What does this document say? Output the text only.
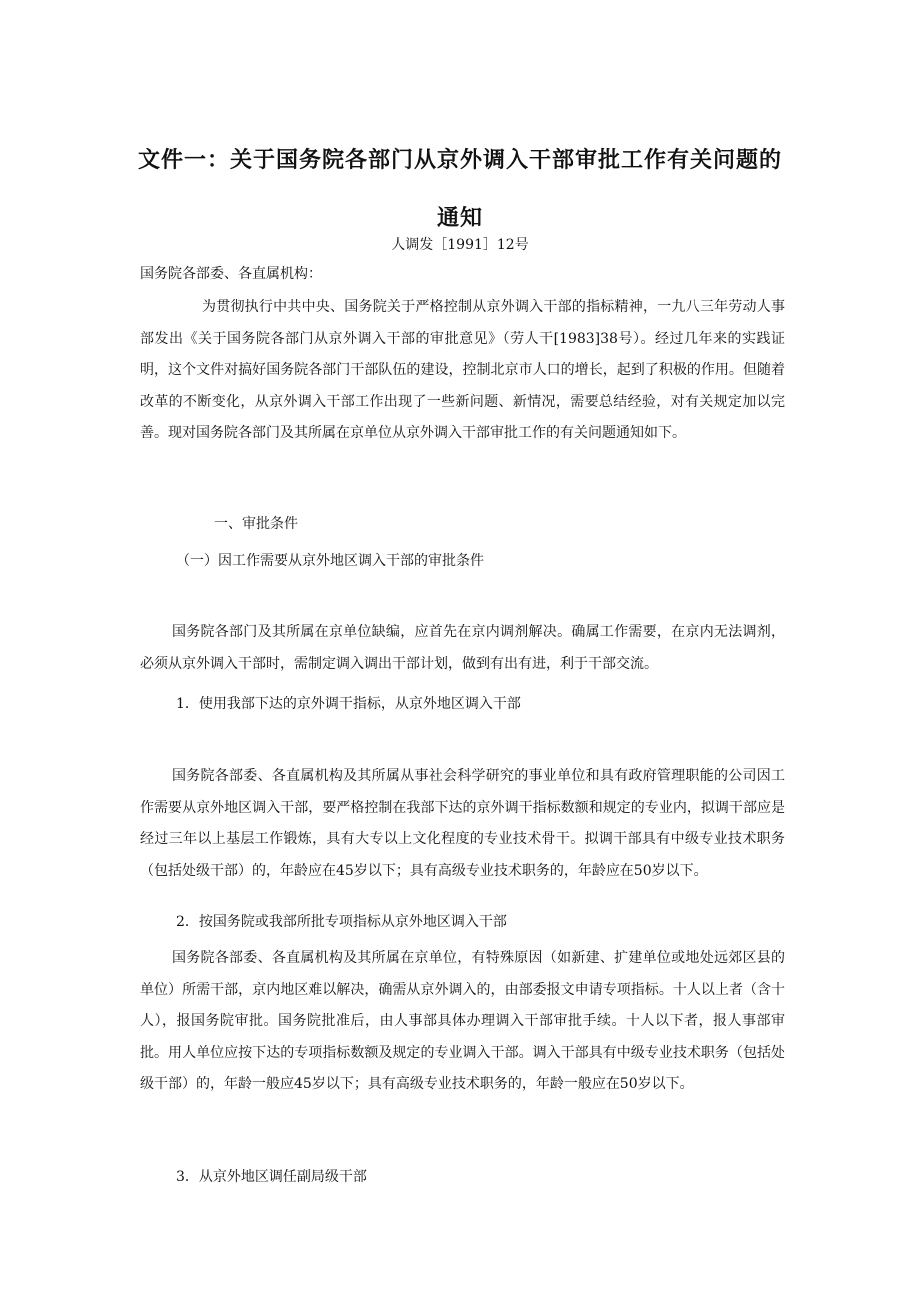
文件一：关于国务院各部门从京外调入干部审批工作有关问题的
通知

人调发［1991］12号

国务院各部委、各直属机构：

为贯彻执行中共中央、国务院关于严格控制从京外调入干部的指标精神，一九八三年劳动人事部发出《关于国务院各部门从京外调入干部的审批意见》（劳人干[1983]38号）。经过几年来的实践证明，这个文件对搞好国务院各部门干部队伍的建设，控制北京市人口的增长，起到了积极的作用。但随着改革的不断变化，从京外调入干部工作出现了一些新问题、新情况，需要总结经验，对有关规定加以完善。现对国务院各部门及其所属在京单位从京外调入干部审批工作的有关问题通知如下。

一、审批条件

（一）因工作需要从京外地区调入干部的审批条件

国务院各部门及其所属在京单位缺编，应首先在京内调剂解决。确属工作需要，在京内无法调剂，必须从京外调入干部时，需制定调入调出干部计划，做到有出有进，利于干部交流。

1．使用我部下达的京外调干指标，从京外地区调入干部

国务院各部委、各直属机构及其所属从事社会科学研究的事业单位和具有政府管理职能的公司因工作需要从京外地区调入干部，要严格控制在我部下达的京外调干指标数额和规定的专业内，拟调干部应是经过三年以上基层工作锻炼，具有大专以上文化程度的专业技术骨干。拟调干部具有中级专业技术职务（包括处级干部）的，年龄应在45岁以下；具有高级专业技术职务的，年龄应在50岁以下。

2．按国务院或我部所批专项指标从京外地区调入干部

国务院各部委、各直属机构及其所属在京单位，有特殊原因（如新建、扩建单位或地处远郊区县的单位）所需干部，京内地区难以解决，确需从京外调入的，由部委报文申请专项指标。十人以上者（含十人），报国务院审批。国务院批准后，由人事部具体办理调入干部审批手续。十人以下者，报人事部审批。用人单位应按下达的专项指标数额及规定的专业调入干部。调入干部具有中级专业技术职务（包括处级干部）的，年龄一般应45岁以下；具有高级专业技术职务的，年龄一般应在50岁以下。

3．从京外地区调任副局级干部
